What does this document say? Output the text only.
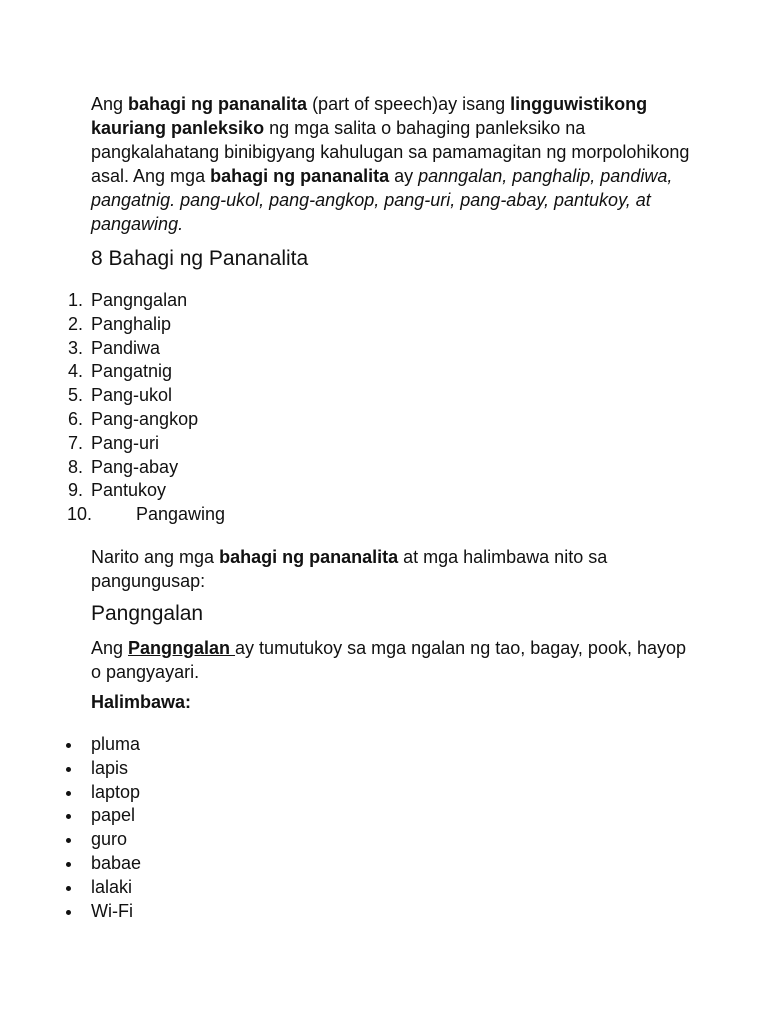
Ang bahagi ng pananalita (part of speech)ay isang lingguwistikong kauriang panleksiko ng mga salita o bahaging panleksiko na pangkalahatang binibigyang kahulugan sa pamamagitan ng morpolohikong asal. Ang mga bahagi ng pananalita ay panngalan, panghalip, pandiwa, pangatnig. pang-ukol, pang-angkop, pang-uri, pang-abay, pantukoy, at pangawing.

8 Bahagi ng Pananalita
1. Pangngalan
2. Panghalip
3. Pandiwa
4. Pangatnig
5. Pang-ukol
6. Pang-angkop
7. Pang-uri
8. Pang-abay
9. Pantukoy
10. Pangawing

Narito ang mga bahagi ng pananalita at mga halimbawa nito sa pangungusap:

Pangngalan

Ang Pangngalan ay tumutukoy sa mga ngalan ng tao, bagay, pook, hayop o pangyayari.

Halimbawa:

pluma
lapis
laptop
papel
guro
babae
lalaki
Wi-Fi
